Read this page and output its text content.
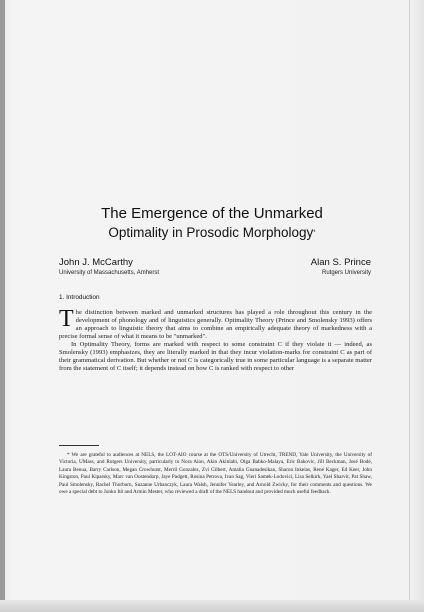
The Emergence of the Unmarked
Optimality in Prosodic Morphology*
John J. McCarthy
University of Massachusetts, Amherst
Alan S. Prince
Rutgers University
1. Introduction

The distinction between marked and unmarked structures has played a role throughout this century in the development of phonology and of linguistics generally. Optimality Theory (Prince and Smolensky 1993) offers an approach to linguistic theory that aims to combine an empirically adequate theory of markedness with a precise formal sense of what it means to be "unmarked".

In Optimality Theory, forms are marked with respect to some constraint C if they violate it — indeed, as Smolensky (1993) emphasizes, they are literally marked in that they incur violation-marks for constraint C as part of their grammatical derivation. But whether or not C is categorically true in some particular language is a separate matter from the statement of C itself; it depends instead on how C is ranked with respect to other

* We are grateful to audiences at NELS, the LOT-AIO course at the OTS/University of Utrecht, TREND, Yale University, the University of Victoria, UMass, and Rutgers University, particularly to Nora Aion, Akin Akinlabi, Olga Babko-Malaya, Eric Bakovic, Jill Beckman, José Bodé, Laura Benua, Barry Carlson, Megan Crowhurst, Merril Gonzalez, Zvi Gilbert, Amalia Gnanadesikan, Sharon Inkelas, René Kager, Ed Keer, John Kingston, Paul Kiparsky, Marc van Oostendorp, Jaye Padgett, Rosina Petrova, Ivan Sag, Vieri Samek-Lodovici, Lisa Selkirk, Yael Sharvit, Pat Shaw, Paul Smolensky, Rachel Thorburn, Suzanne Urbanczyk, Laura Walsh, Jennifer Yearley, and Arnold Zwicky, for their comments and questions. We owe a special debt to Junko Itô and Armin Mester, who reviewed a draft of the NELS handout and provided much useful feedback.
